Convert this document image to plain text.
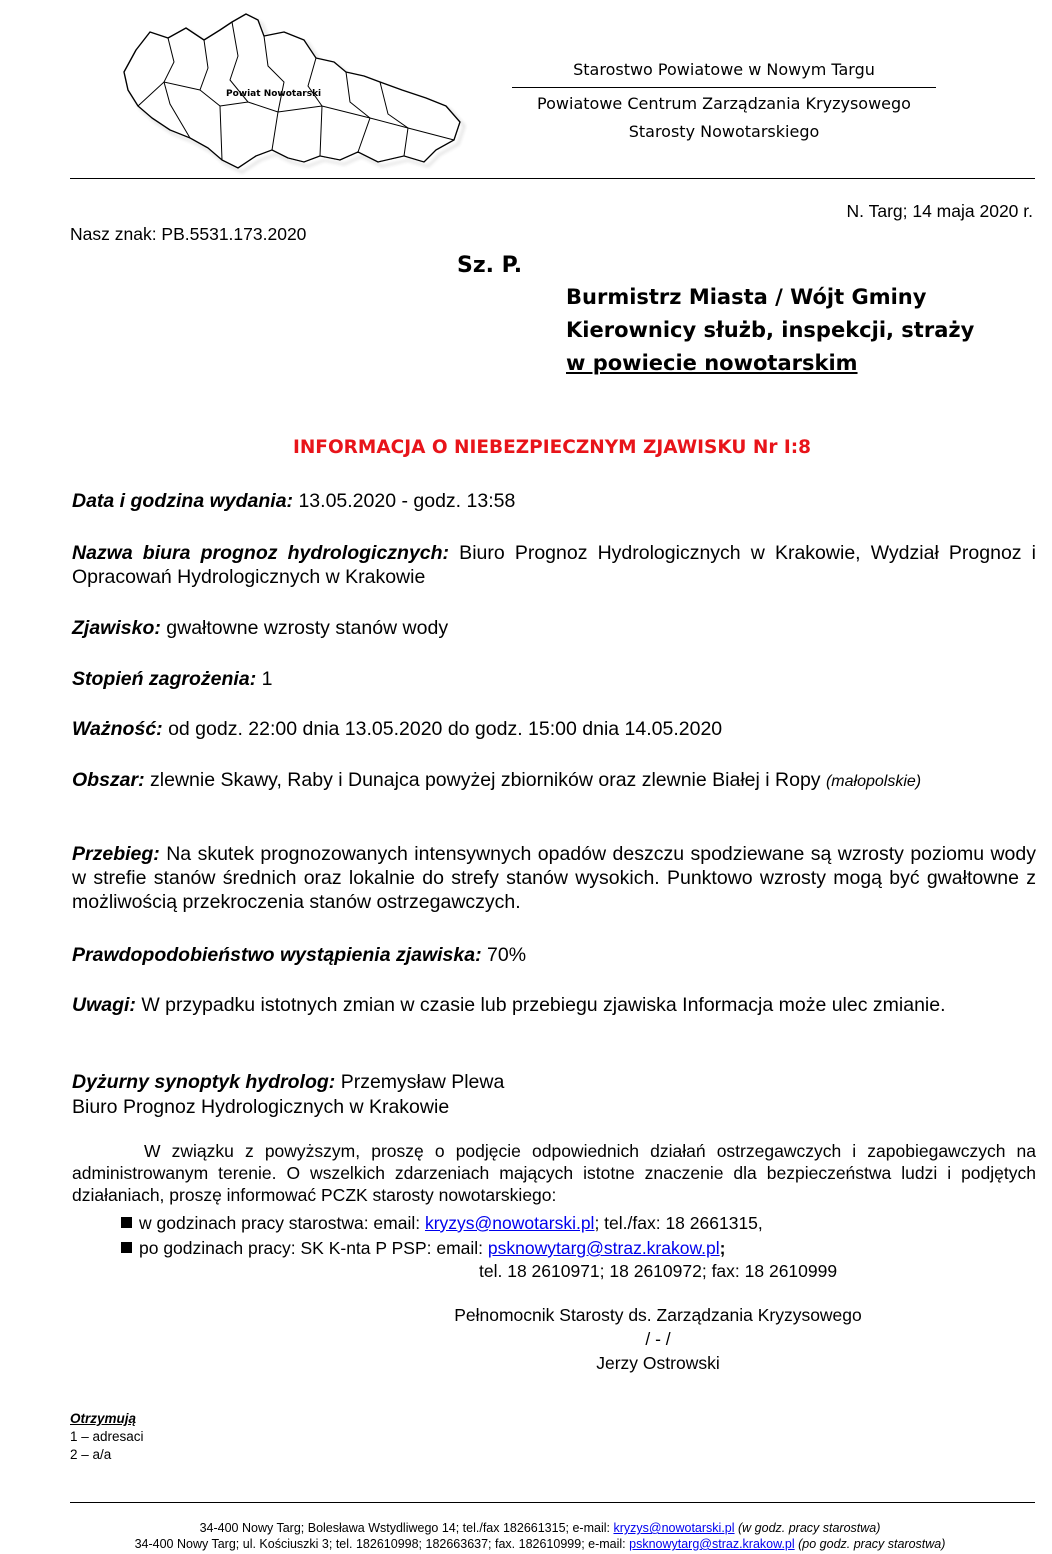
Powiat Nowotarski
Starostwo Powiatowe w Nowym Targu
Powiatowe Centrum Zarządzania Kryzysowego
Starosty Nowotarskiego
N. Targ; 14 maja 2020 r.
Nasz znak: PB.5531.173.2020
Sz. P.
Burmistrz Miasta / Wójt Gminy
Kierownicy służb, inspekcji, straży
w powiecie nowotarskim
INFORMACJA O NIEBEZPIECZNYM ZJAWISKU Nr I:8
Data i godzina wydania: 13.05.2020 - godz. 13:58
Nazwa biura prognoz hydrologicznych: Biuro Prognoz Hydrologicznych w Krakowie, Wydział Prognoz i Opracowań Hydrologicznych w Krakowie
Zjawisko: gwałtowne wzrosty stanów wody
Stopień zagrożenia: 1
Ważność: od godz. 22:00 dnia 13.05.2020 do godz. 15:00 dnia 14.05.2020
Obszar: zlewnie Skawy, Raby i Dunajca powyżej zbiorników oraz zlewnie Białej i Ropy (małopolskie)
Przebieg: Na skutek prognozowanych intensywnych opadów deszczu spodziewane są wzrosty poziomu wody w strefie stanów średnich oraz lokalnie do strefy stanów wysokich. Punktowo wzrosty mogą być gwałtowne z możliwością przekroczenia stanów ostrzegawczych.
Prawdopodobieństwo wystąpienia zjawiska: 70%
Uwagi: W przypadku istotnych zmian w czasie lub przebiegu zjawiska Informacja może ulec zmianie.
Dyżurny synoptyk hydrolog: Przemysław Plewa
Biuro Prognoz Hydrologicznych w Krakowie
W związku z powyższym, proszę o podjęcie odpowiednich działań ostrzegawczych i zapobiegawczych na administrowanym terenie. O wszelkich zdarzeniach mających istotne znaczenie dla bezpieczeństwa ludzi i podjętych działaniach, proszę informować PCZK starosty nowotarskiego:
w godzinach pracy starostwa: email: kryzys@nowotarski.pl; tel./fax: 18 2661315,
po godzinach pracy: SK K-nta P PSP: email: psknowytarg@straz.krakow.pl;
tel. 18 2610971; 18 2610972; fax: 18 2610999
Pełnomocnik Starosty ds. Zarządzania Kryzysowego
/ - /
Jerzy Ostrowski
Otrzymują
1 – adresaci
2 – a/a
34-400 Nowy Targ; Bolesława Wstydliwego 14; tel./fax 182661315; e-mail: kryzys@nowotarski.pl (w godz. pracy starostwa)
34-400 Nowy Targ; ul. Kościuszki 3; tel. 182610998; 182663637; fax. 182610999; e-mail: psknowytarg@straz.krakow.pl (po godz. pracy starostwa)
